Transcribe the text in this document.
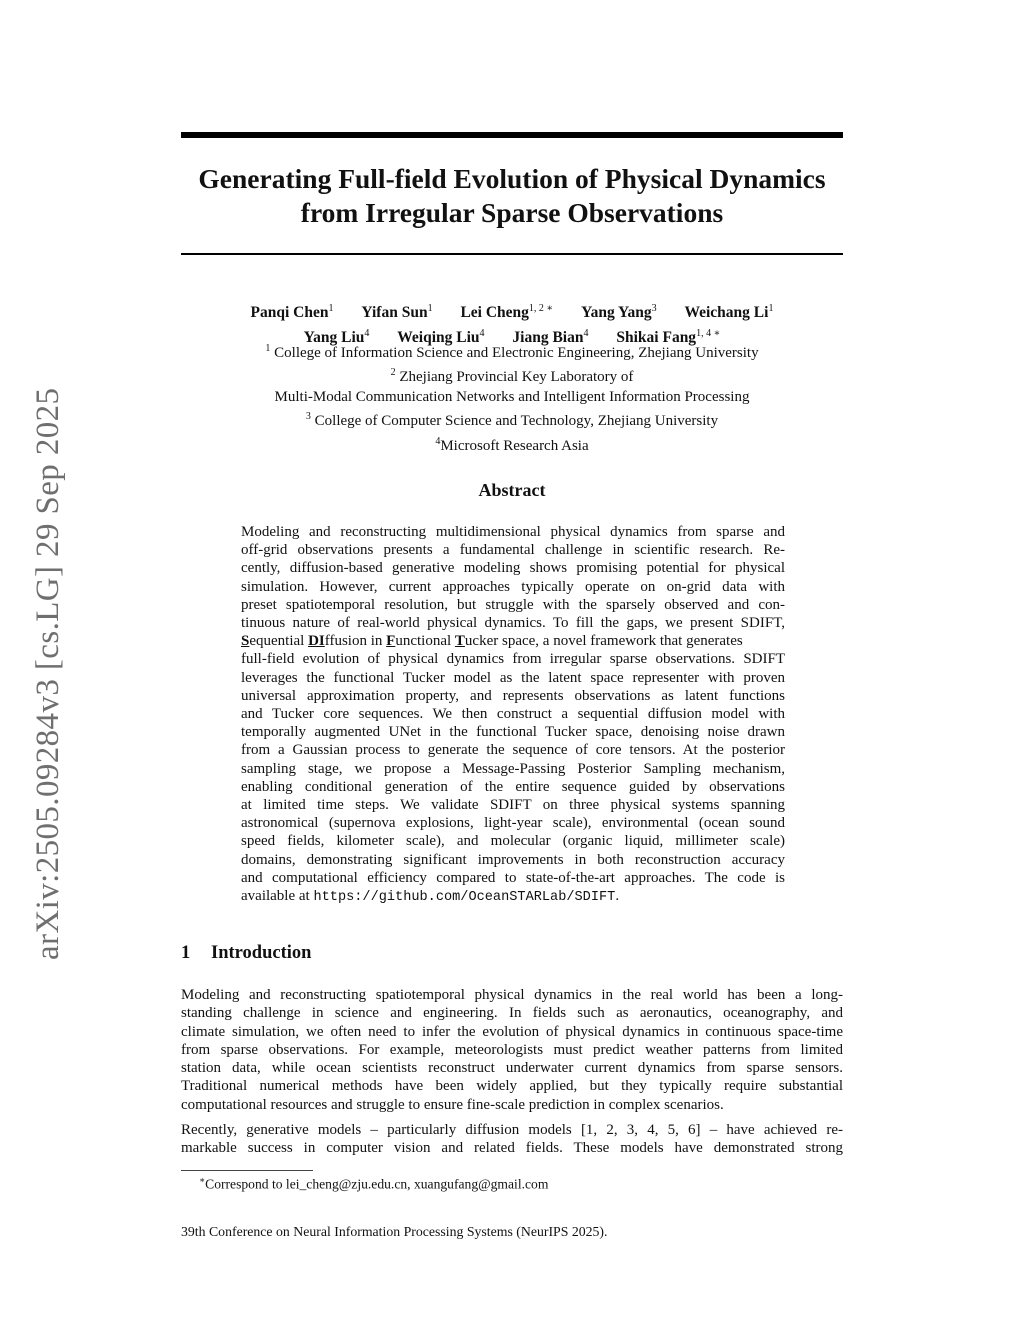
arXiv:2505.09284v3 [cs.LG] 29 Sep 2025
Generating Full-field Evolution of Physical Dynamics
from Irregular Sparse Observations
Panqi Chen$^1$ Yifan Sun$^1$ Lei Cheng$^{1, 2 ∗}$ Yang Yang$^3$ Weichang Li$^1$
Yang Liu$^4$ Weiqing Liu$^4$ Jiang Bian$^4$ Shikai Fang$^{1, 4 ∗}$
$^1$ College of Information Science and Electronic Engineering, Zhejiang University
$^2$ Zhejiang Provincial Key Laboratory of
Multi-Modal Communication Networks and Intelligent Information Processing
$^3$ College of Computer Science and Technology, Zhejiang University
$^4$Microsoft Research Asia
Abstract
Modeling and reconstructing multidimensional physical dynamics from sparse and
off-grid observations presents a fundamental challenge in scientific research. Re-
cently, diffusion-based generative modeling shows promising potential for physical
simulation. However, current approaches typically operate on on-grid data with
preset spatiotemporal resolution, but struggle with the sparsely observed and con-
tinuous nature of real-world physical dynamics. To fill the gaps, we present SDIFT,
Sequential DIffusion in Functional Tucker space, a novel framework that generates
full-field evolution of physical dynamics from irregular sparse observations. SDIFT
leverages the functional Tucker model as the latent space representer with proven
universal approximation property, and represents observations as latent functions
and Tucker core sequences. We then construct a sequential diffusion model with
temporally augmented UNet in the functional Tucker space, denoising noise drawn
from a Gaussian process to generate the sequence of core tensors. At the posterior
sampling stage, we propose a Message-Passing Posterior Sampling mechanism,
enabling conditional generation of the entire sequence guided by observations
at limited time steps. We validate SDIFT on three physical systems spanning
astronomical (supernova explosions, light-year scale), environmental (ocean sound
speed fields, kilometer scale), and molecular (organic liquid, millimeter scale)
domains, demonstrating significant improvements in both reconstruction accuracy
and computational efficiency compared to state-of-the-art approaches. The code is
available at https://github.com/OceanSTARLab/SDIFT.
1 Introduction
Modeling and reconstructing spatiotemporal physical dynamics in the real world has been a long-
standing challenge in science and engineering. In fields such as aeronautics, oceanography, and
climate simulation, we often need to infer the evolution of physical dynamics in continuous space-time
from sparse observations. For example, meteorologists must predict weather patterns from limited
station data, while ocean scientists reconstruct underwater current dynamics from sparse sensors.
Traditional numerical methods have been widely applied, but they typically require substantial
computational resources and struggle to ensure fine-scale prediction in complex scenarios.
Recently, generative models – particularly diffusion models [1, 2, 3, 4, 5, 6] – have achieved re-
markable success in computer vision and related fields. These models have demonstrated strong
∗Correspond to lei_cheng@zju.edu.cn, xuangufang@gmail.com
39th Conference on Neural Information Processing Systems (NeurIPS 2025).
